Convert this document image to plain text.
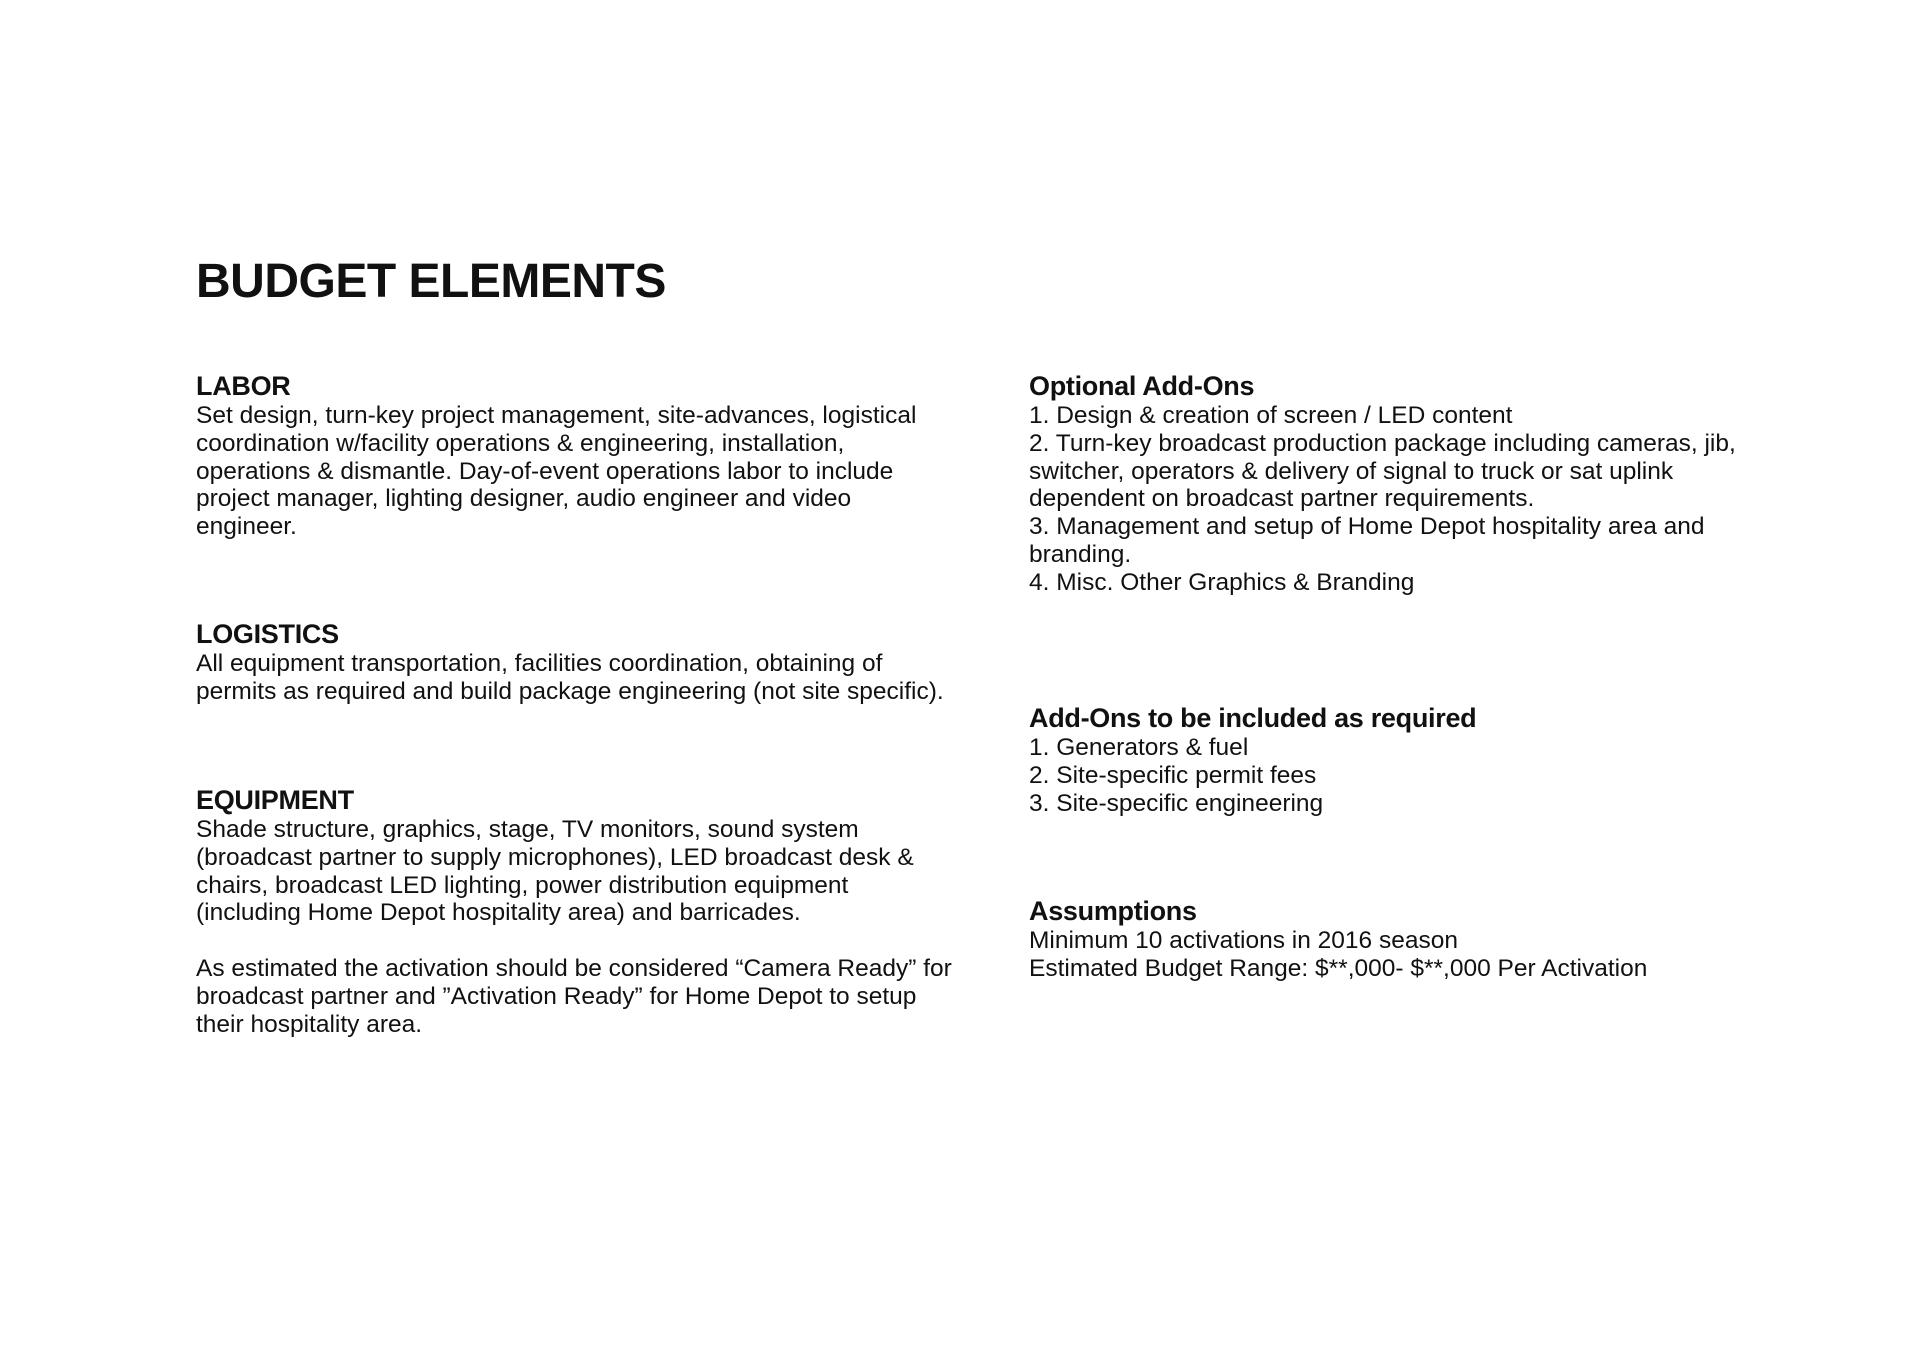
BUDGET ELEMENTS
LABOR
Set design, turn-key project management, site-advances, logistical
coordination w/facility operations & engineering, installation,
operations & dismantle. Day-of-event operations labor to include
project manager, lighting designer, audio engineer and video
engineer.
LOGISTICS
All equipment transportation, facilities coordination, obtaining of
permits as required and build package engineering (not site specific).
EQUIPMENT
Shade structure, graphics, stage, TV monitors, sound system
(broadcast partner to supply microphones), LED broadcast desk &
chairs, broadcast LED lighting, power distribution equipment
(including Home Depot hospitality area) and barricades.
As estimated the activation should be considered “Camera Ready” for
broadcast partner and ”Activation Ready” for Home Depot to setup
their hospitality area.
Optional Add-Ons
1. Design & creation of screen / LED content
2. Turn-key broadcast production package including cameras, jib,
switcher, operators & delivery of signal to truck or sat uplink
dependent on broadcast partner requirements.
3. Management and setup of Home Depot hospitality area and
branding.
4. Misc. Other Graphics & Branding
Add-Ons to be included as required
1. Generators & fuel
2. Site-specific permit fees
3. Site-specific engineering
Assumptions
Minimum 10 activations in 2016 season
Estimated Budget Range: $**,000- $**,000 Per Activation
